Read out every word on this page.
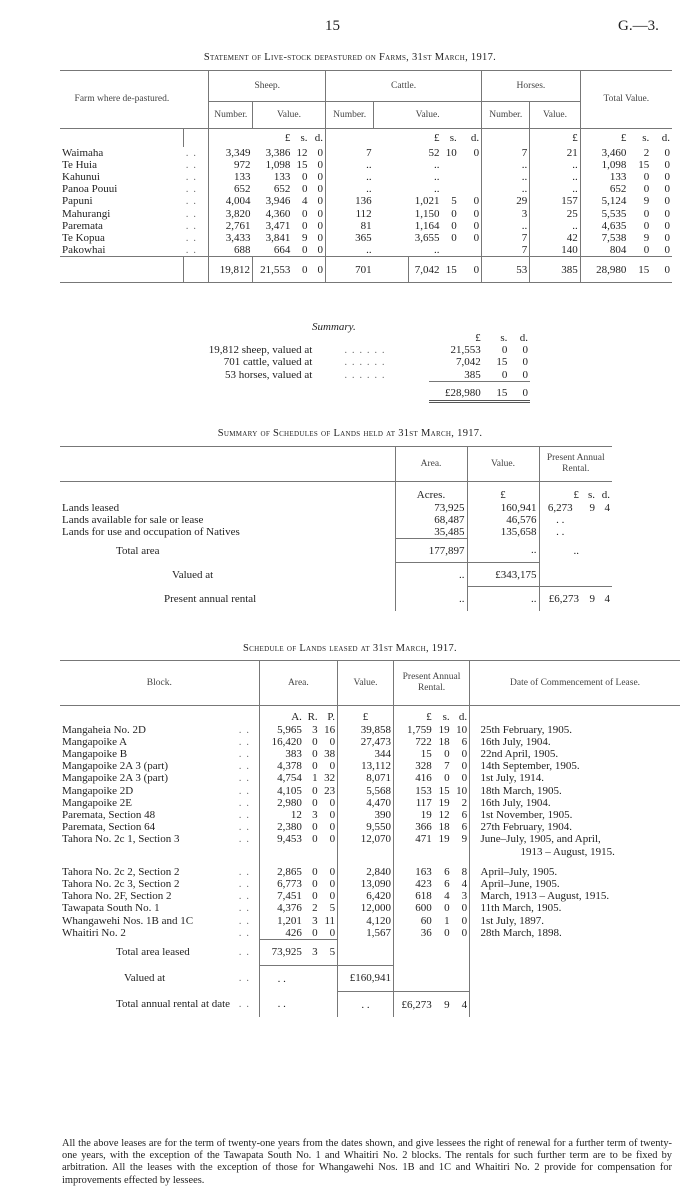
15	G.—3.
Statement of Live-stock depastured on Farms, 31st March, 1917.
Farm where de-pastured.		Sheep.				Cattle.					Horses.		Total Value.		
		Number.	Value.			Number.	Value.				Number.	Value.			
			£	s.	d.			£	s.	d.		£	£	s.	d.
Waimaha	. .	3,349	3,386	12	0	7		52	10	0	7	21	3,460	2	0
Te Huia	. .	972	1,098	15	0	..		..			..	..	1,098	15	0
Kahunui	. .	133	133	0	0	..		..			..	..	133	0	0
Panoa Pouui	. .	652	652	0	0	..		..			..	..	652	0	0
Papuni	. .	4,004	3,946	4	0	136		1,021	5	0	29	157	5,124	9	0
Mahurangi	. .	3,820	4,360	0	0	112		1,150	0	0	3	25	5,535	0	0
Paremata	. .	2,761	3,471	0	0	81		1,164	0	0	..	..	4,635	0	0
Te Kopua	. .	3,433	3,841	9	0	365		3,655	0	0	7	42	7,538	9	0
Pakowhai	. .	688	664	0	0	..		..			7	140	804	0	0
		19,812	21,553	0	0	701		7,042	15	0	53	385	28,980	15	0
Summary.
		£	s.	d.
19,812 sheep, valued at	. . . . . .	21,553	0	0
701 cattle, valued at	. . . . . .	7,042	15	0
53 horses, valued at	. . . . . .	385	0	0

		£28,980	15	0
Summary of Schedules of Lands held at 31st March, 1917.
	Area.	Value.	Present Annual Rental.		
	Acres.	£	£	s.	d.
Lands leased	73,925	160,941	6,273	9	4
Lands available for sale or lease	68,487	46,576	. .		
Lands for use and occupation of Natives	35,485	135,658	. .		
Total area	177,897	..	..		
Valued at	..	£343,175			
Present annual rental	..	..	£6,273	9	4
Schedule of Lands leased at 31st March, 1917.
Block.		Area.			Value.	Present Annual Rental.			Date of Commencement of Lease.	
		A.	R.	P.	£	£	s.	d.		
Mangaheia No. 2D	. .	5,965	3	16	39,858	1,759	19	10		25th February, 1905.

Mangapoike A	. .	16,420	0	0	27,473	722	18	6		16th July, 1904.

Mangapoike B	. .	383	0	38	344	15	0	0		22nd April, 1905.

Mangapoike 2A 3 (part)	. .	4,378	0	0	13,112	328	7	0		14th September, 1905.

Mangapoike 2A 3 (part)	. .	4,754	1	32	8,071	416	0	0		1st July, 1914.

Mangapoike 2D	. .	4,105	0	23	5,568	153	15	10		18th March, 1905.

Mangapoike 2E	. .	2,980	0	0	4,470	117	19	2		16th July, 1904.

Paremata, Section 48	. .	12	3	0	390	19	12	6		1st November, 1905.

Paremata, Section 64	. .	2,380	0	0	9,550	366	18	6		27th February, 1904.

Tahora No. 2c 1, Section 3	. .	9,453	0	0	12,070	471	19	9		June–July, 1905, and April,
1913 – August, 1915.

Tahora No. 2c 2, Section 2	. .	2,865	0	0	2,840	163	6	8		April–July, 1905.

Tahora No. 2c 3, Section 2	. .	6,773	0	0	13,090	423	6	4		April–June, 1905.

Tahora No. 2F, Section 2	. .	7,451	0	0	6,420	618	4	3		March, 1913 – August, 1915.

Tawapata South No. 1	. .	4,376	2	5	12,000	600	0	0		11th March, 1905.

Whangawehi Nos. 1B and 1C	. .	1,201	3	11	4,120	60	1	0		1st July, 1897.

Whaitiri No. 2	. .	426	0	0	1,567	36	0	0		28th March, 1898.

Total area leased	. .	73,925	3	5						
Valued at	. .	. .			£160,941					
Total annual rental at date	. .	. .			. .	£6,273	9	4		
All the above leases are for the term of twenty-one years from the dates shown, and give lessees the right of renewal for a further term of twenty-one years, with the exception of the Tawapata South No. 1 and Whaitiri No. 2 blocks. The rentals for such further term are to be fixed by arbitration. All the leases with the exception of those for Whangawehi Nos. 1B and 1C and Whaitiri No. 2 provide for compensation for improvements effected by lessees.
